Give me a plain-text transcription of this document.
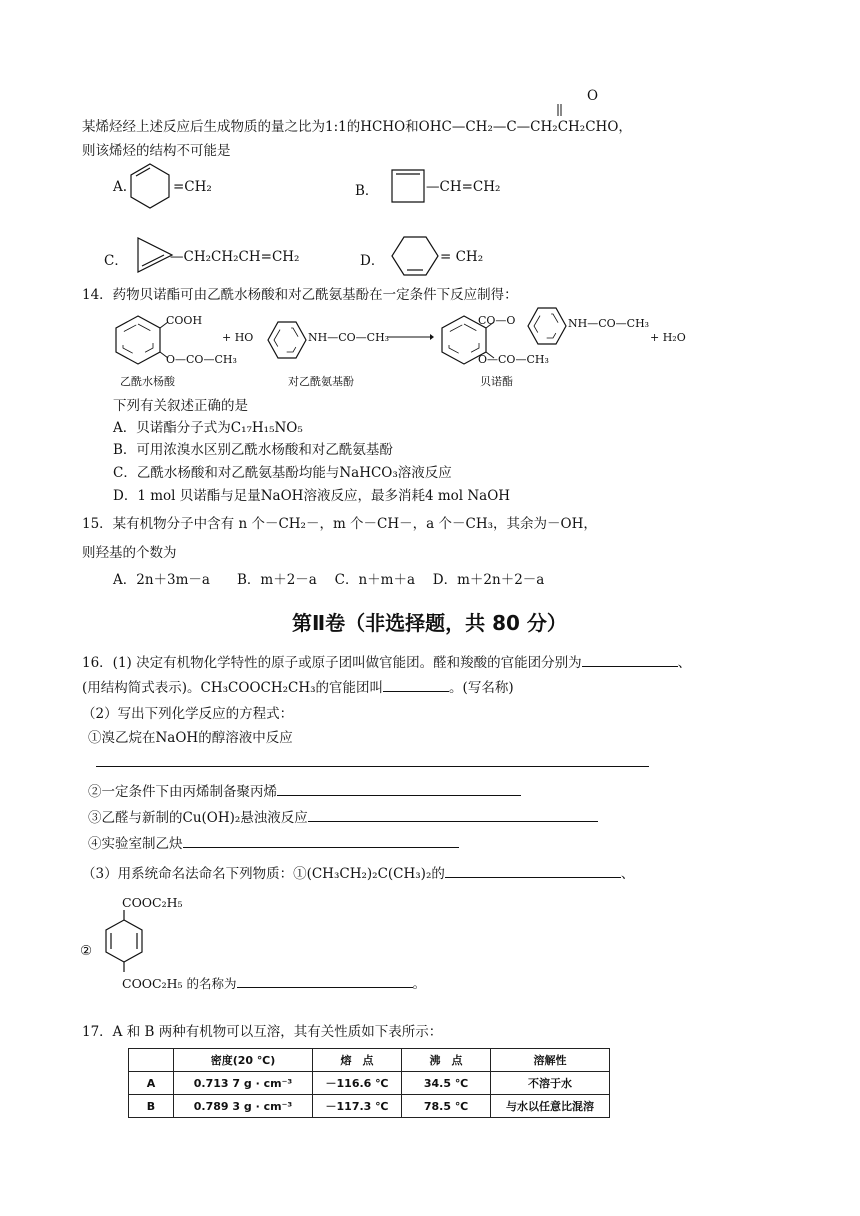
O
某烯烃经上述反应后生成物质的量之比为1:1的HCHO和OHC—CH₂—C—CH₂CH₂CHO，
则该烯烃的结构不可能是
A.	=CH₂	B．	—CH=CH₂
C．	—CH₂CH₂CH=CH₂	D．	= CH₂
14．药物贝诺酯可由乙酰水杨酸和对乙酰氨基酚在一定条件下反应制得：
COOH
O—CO—CH₃
+ HO	NH—CO—CH₃
CO—O	NH—CO—CH₃
O—CO—CH₃
+ H₂O
乙酰水杨酸	对乙酰氨基酚	贝诺酯
下列有关叙述正确的是
A．贝诺酯分子式为C₁₇H₁₅NO₅
B．可用浓溴水区别乙酰水杨酸和对乙酰氨基酚
C．乙酰水杨酸和对乙酰氨基酚均能与NaHCO₃溶液反应
D．1 mol 贝诺酯与足量NaOH溶液反应，最多消耗4 mol NaOH
15．某有机物分子中含有 n 个－CH₂－，m 个－CH－，a 个－CH₃，其余为－OH，
则羟基的个数为
A．2n＋3m－a　　B．m＋2－a　 C．n＋m＋a　 D．m＋2n＋2－a
第Ⅱ卷（非选择题，共 80 分）
16．(1) 决定有机物化学特性的原子或原子团叫做官能团。醛和羧酸的官能团分别为	、
(用结构简式表示)。CH₃COOCH₂CH₃的官能团叫	。(写名称)
（2）写出下列化学反应的方程式：
①溴乙烷在NaOH的醇溶液中反应
②一定条件下由丙烯制备聚丙烯
③乙醛与新制的Cu(OH)₂悬浊液反应
④实验室制乙炔
（3）用系统命名法命名下列物质：①(CH₃CH₂)₂C(CH₃)₂的	、
COOC₂H₅
②
COOC₂H₅ 的名称为	。
17．A 和 B 两种有机物可以互溶，其有关性质如下表所示：
	密度(20 ℃)	熔　点	沸　点	溶解性
A	0.713 7 g · cm⁻³	－116.6 ℃	34.5 ℃	不溶于水
B	0.789 3 g · cm⁻³	－117.3 ℃	78.5 ℃	与水以任意比混溶
